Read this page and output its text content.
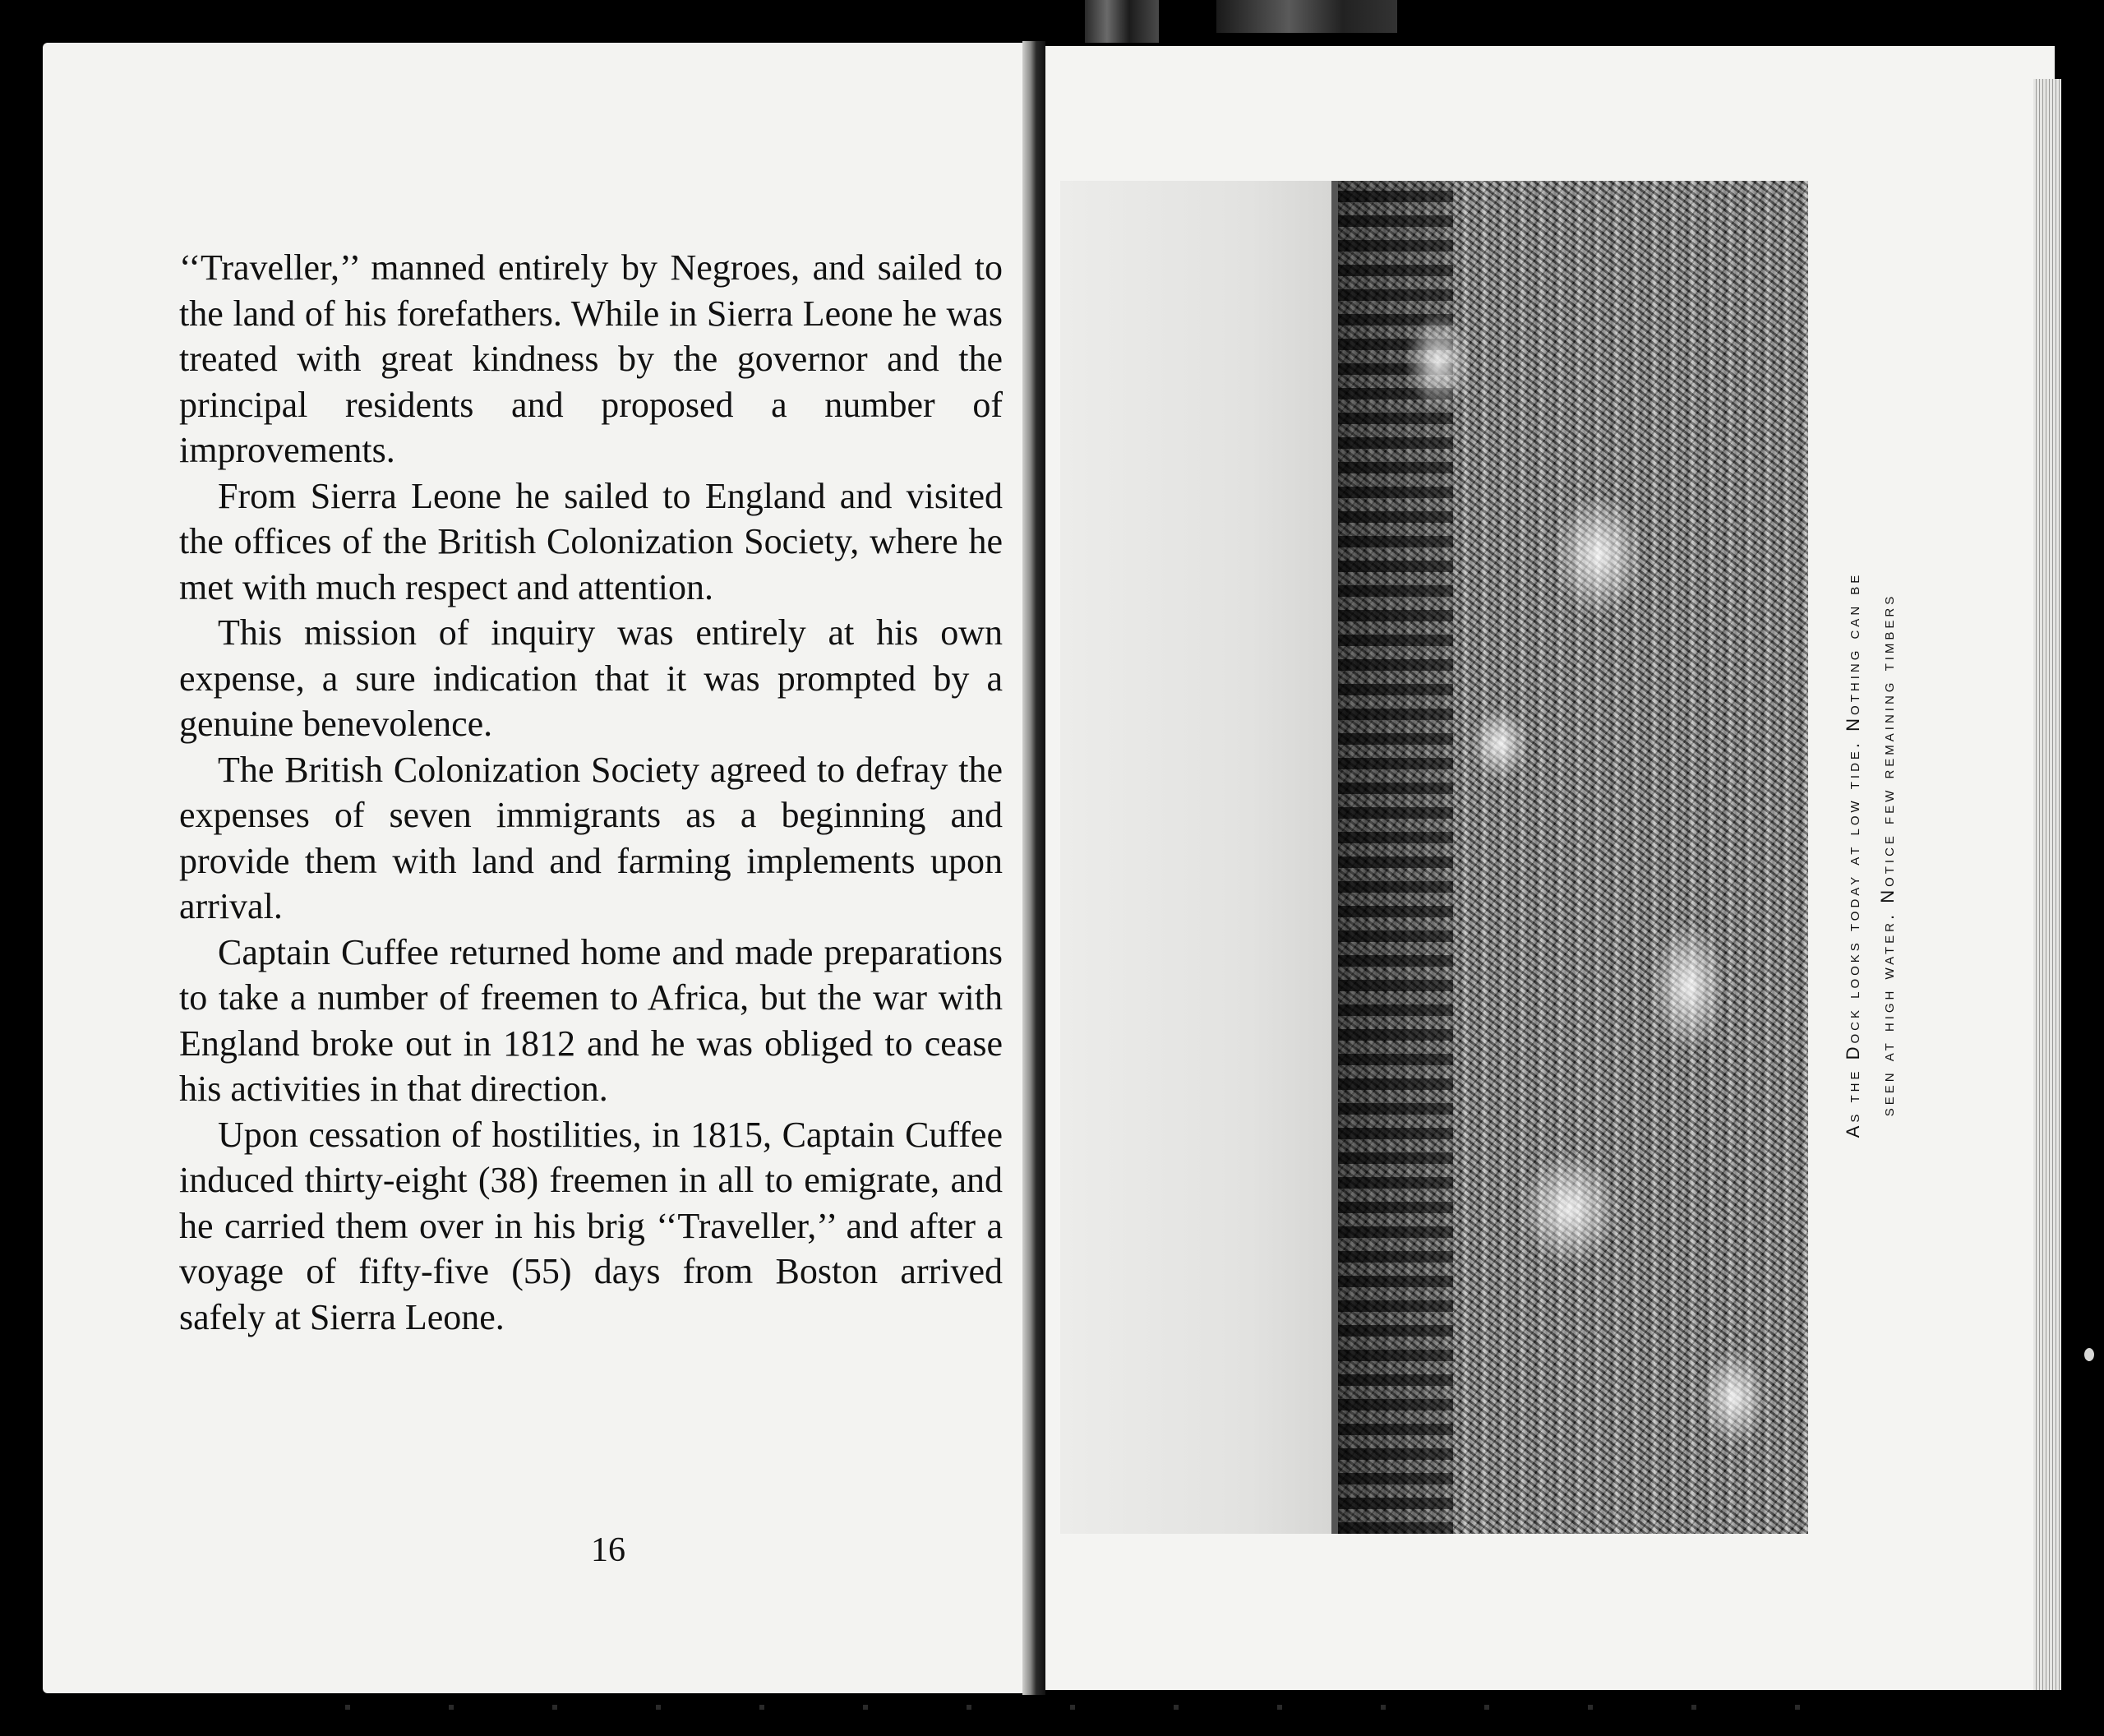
‘‘Traveller,’’ manned entirely by Negroes, and sailed to the land of his forefathers. While in Sierra Leone he was treated with great kindness by the governor and the principal residents and proposed a number of improvements.

From Sierra Leone he sailed to England and visited the offices of the British Colonization Society, where he met with much respect and attention.

This mission of inquiry was entirely at his own expense, a sure indication that it was prompted by a genuine benevolence.

The British Colonization Society agreed to defray the expenses of seven immigrants as a beginning and provide them with land and farming implements upon arrival.

Captain Cuffee returned home and made preparations to take a number of freemen to Africa, but the war with England broke out in 1812 and he was obliged to cease his activities in that direction.

Upon cessation of hostilities, in 1815, Captain Cuffee induced thirty-eight (38) freemen in all to emigrate, and he carried them over in his brig ‘‘Traveller,’’ and after a voyage of fifty-five (55) days from Boston arrived safely at Sierra Leone.

16
As the Dock looks today at low tide. Nothing can be seen at high water. Notice few remaining timbers
